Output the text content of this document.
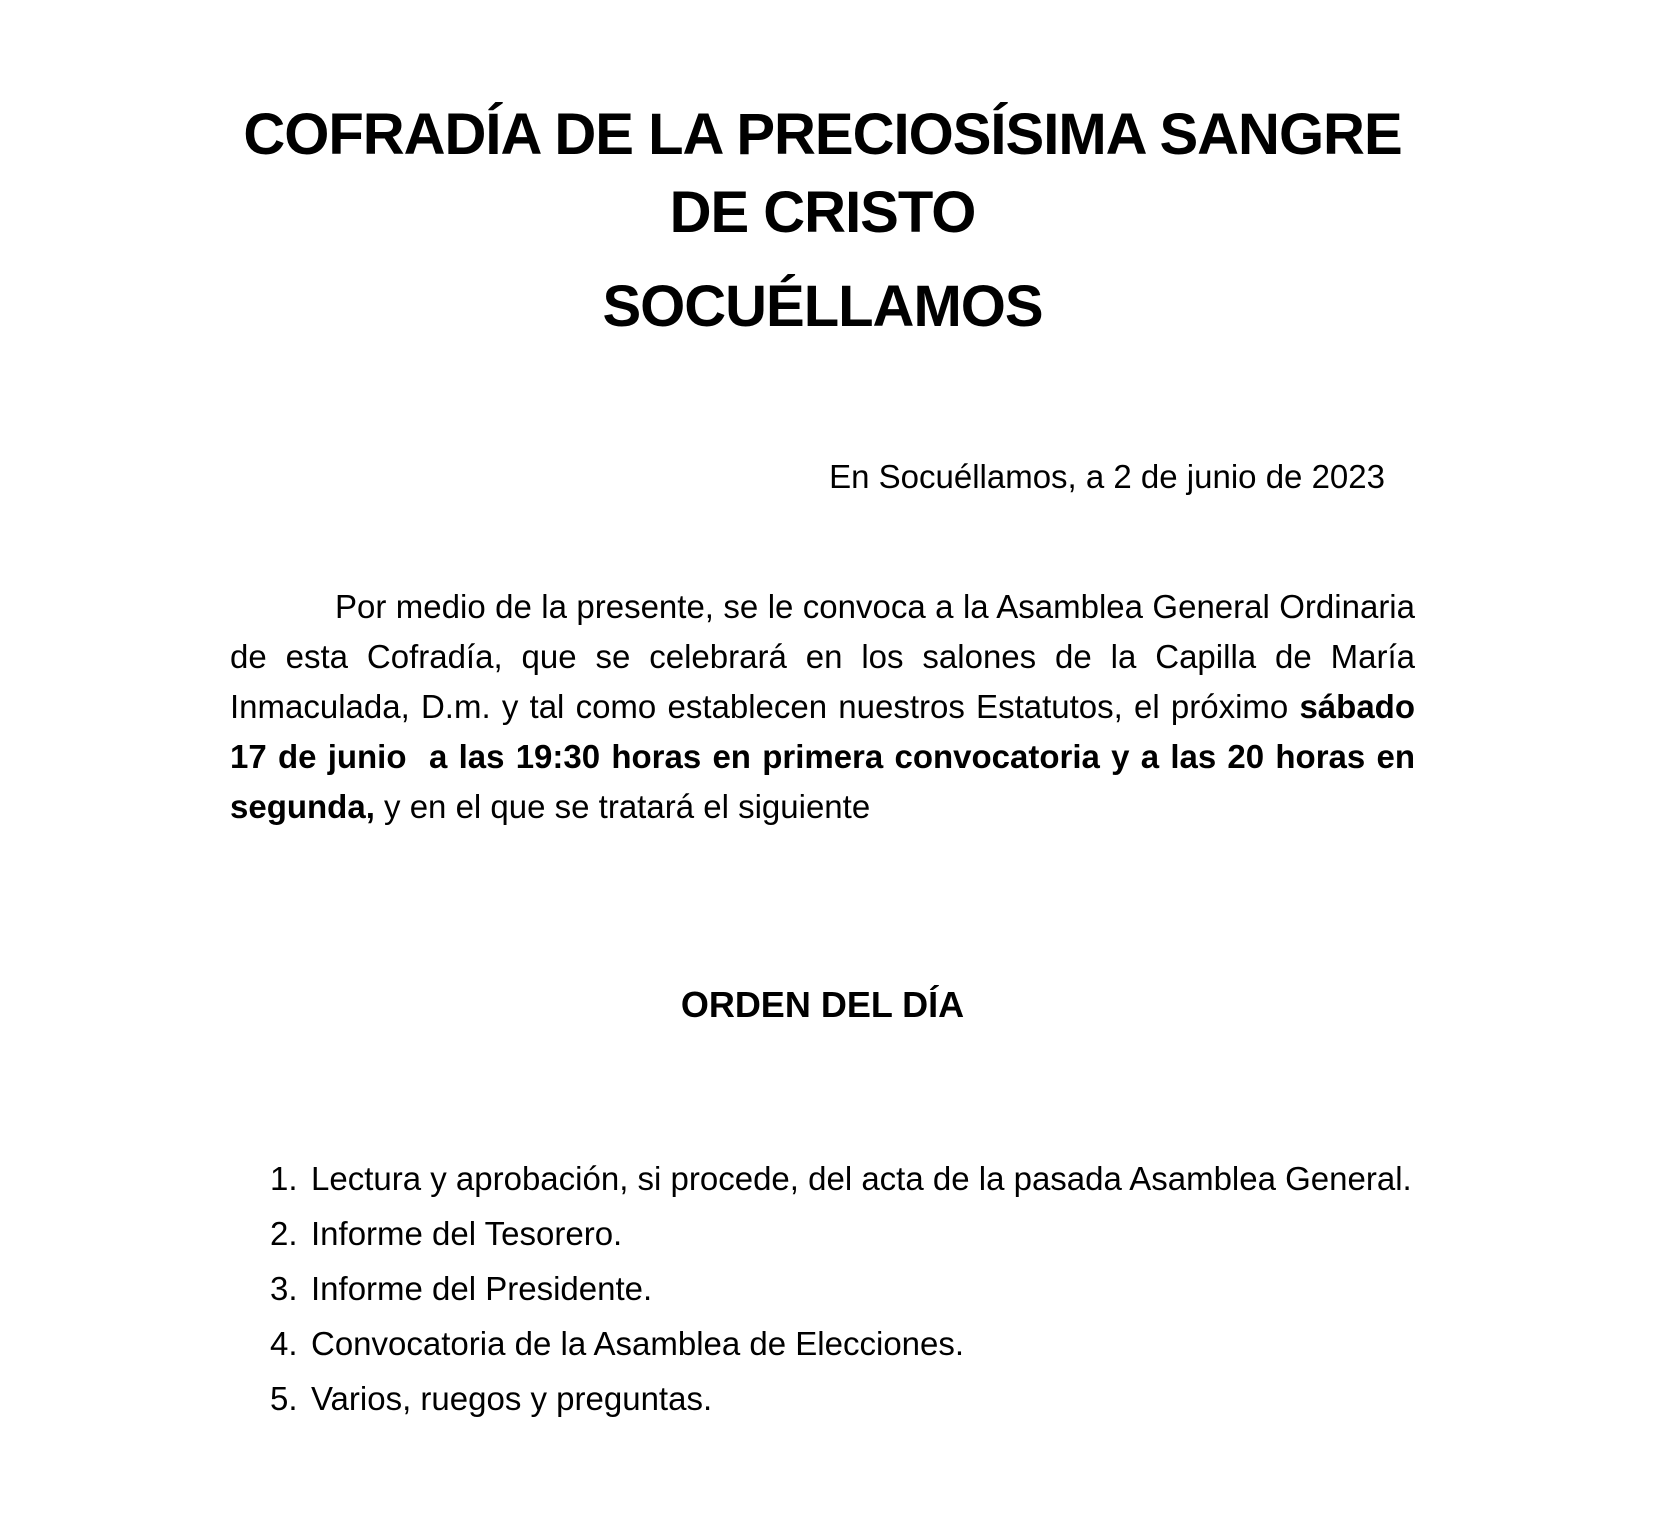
COFRADÍA DE LA PRECIOSÍSIMA SANGRE
DE CRISTO
SOCUÉLLAMOS

En Socuéllamos, a 2 de junio de 2023

Por medio de la presente, se le convoca a la Asamblea General Ordinaria de esta Cofradía, que se celebrará en los salones de la Capilla de María Inmaculada, D.m. y tal como establecen nuestros Estatutos, el próximo sábado 17 de junio  a las 19:30 horas en primera convocatoria y a las 20 horas en segunda, y en el que se tratará el siguiente

ORDEN DEL DÍA
Lectura y aprobación, si procede, del acta de la pasada Asamblea General.
Informe del Tesorero.
Informe del Presidente.
Convocatoria de la Asamblea de Elecciones.
Varios, ruegos y preguntas.
